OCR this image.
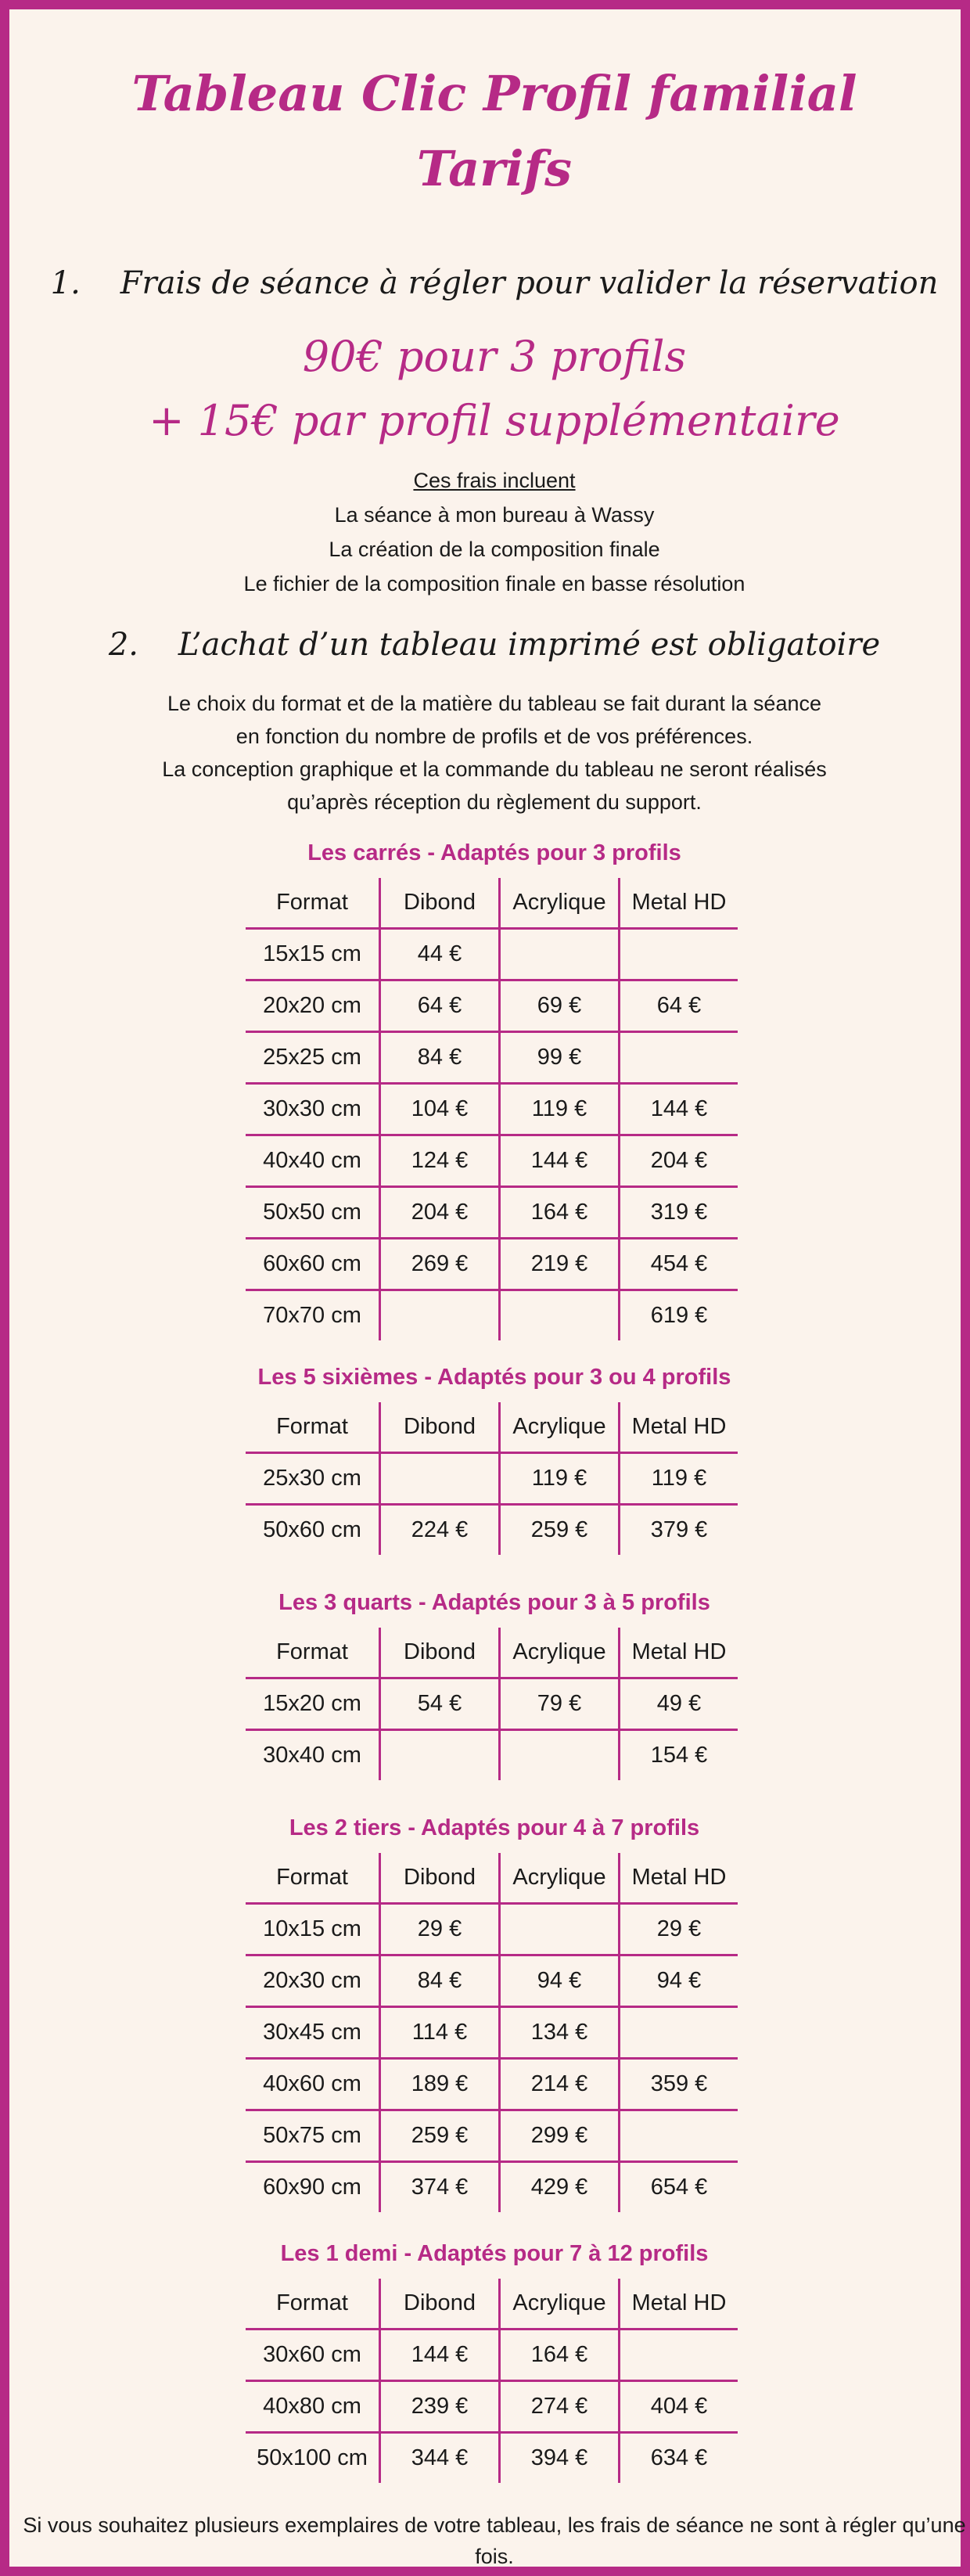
Tableau Clic Profil familial
Tarifs
1. Frais de séance à régler pour valider la réservation
90€ pour 3 profils
+ 15€ par profil supplémentaire
Ces frais incluent
La séance à mon bureau à Wassy
La création de la composition finale
Le fichier de la composition finale en basse résolution
2. L’achat d’un tableau imprimé est obligatoire
Le choix du format et de la matière du tableau se fait durant la séance
en fonction du nombre de profils et de vos préférences.
La conception graphique et la commande du tableau ne seront réalisés
qu’après réception du règlement du support.
Les carrés - Adaptés pour 3 profils
Format	Dibond	Acrylique	Metal HD
15x15 cm	44 €		
20x20 cm	64 €	69 €	64 €
25x25 cm	84 €	99 €	
30x30 cm	104 €	119 €	144 €
40x40 cm	124 €	144 €	204 €
50x50 cm	204 €	164 €	319 €
60x60 cm	269 €	219 €	454 €
70x70 cm			619 €
Les 5 sixièmes - Adaptés pour 3 ou 4 profils
Format	Dibond	Acrylique	Metal HD
25x30 cm		119 €	119 €
50x60 cm	224 €	259 €	379 €
Les 3 quarts - Adaptés pour 3 à 5 profils
Format	Dibond	Acrylique	Metal HD
15x20 cm	54 €	79 €	49 €
30x40 cm			154 €
Les 2 tiers - Adaptés pour 4 à 7 profils
Format	Dibond	Acrylique	Metal HD
10x15 cm	29 €		29 €
20x30 cm	84 €	94 €	94 €
30x45 cm	114 €	134 €	
40x60 cm	189 €	214 €	359 €
50x75 cm	259 €	299 €	
60x90 cm	374 €	429 €	654 €
Les 1 demi - Adaptés pour 7 à 12 profils
Format	Dibond	Acrylique	Metal HD
30x60 cm	144 €	164 €	
40x80 cm	239 €	274 €	404 €
50x100 cm	344 €	394 €	634 €
Si vous souhaitez plusieurs exemplaires de votre tableau, les frais de séance ne sont à régler qu’une fois.
